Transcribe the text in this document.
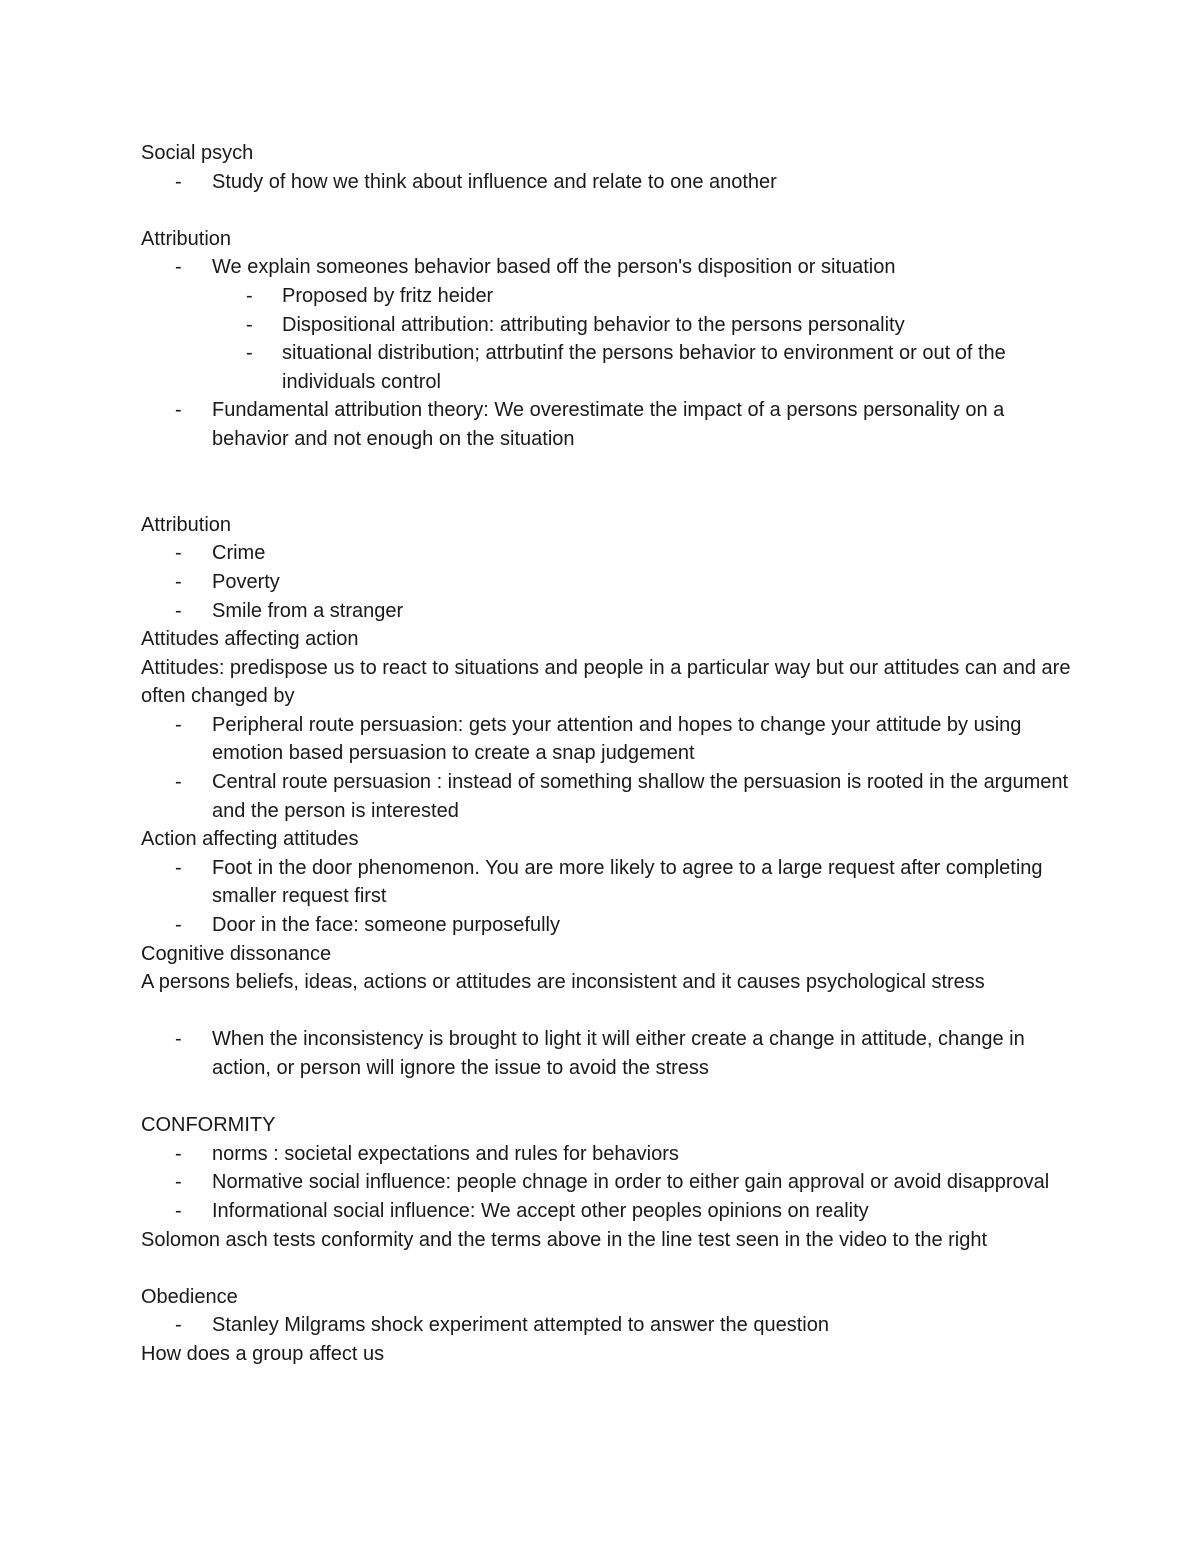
Social psych

- Study of how we think about influence and relate to one another

Attribution

- We explain someones behavior based off the person's disposition or situation
- Proposed by fritz heider
- Dispositional attribution: attributing behavior to the persons personality
- situational distribution; attrbutinf the persons behavior to environment or out of the individuals control
- Fundamental attribution theory: We overestimate the impact of a persons personality on a behavior and not enough on the situation

Attribution

- Crime
- Poverty
- Smile from a stranger

Attitudes affecting action

Attitudes: predispose us to react to situations and people in a particular way but our attitudes can and are often changed by

- Peripheral route persuasion: gets your attention and hopes to change your attitude by using emotion based persuasion to create a snap judgement
- Central route persuasion : instead of something shallow the persuasion is rooted in the argument and the person is interested

Action affecting attitudes

- Foot in the door phenomenon. You are more likely to agree to a large request after completing smaller request first
- Door in the face: someone purposefully

Cognitive dissonance

A persons beliefs, ideas, actions or attitudes are inconsistent and it causes psychological stress

- When the inconsistency is brought to light it will either create a change in attitude, change in action, or person will ignore the issue to avoid the stress

CONFORMITY

- norms : societal expectations and rules for behaviors
- Normative social influence: people chnage in order to either gain approval or avoid disapproval
- Informational social influence: We accept other peoples opinions on reality

Solomon asch tests conformity and the terms above in the line test seen in the video to the right

Obedience

- Stanley Milgrams shock experiment attempted to answer the question

How does a group affect us
